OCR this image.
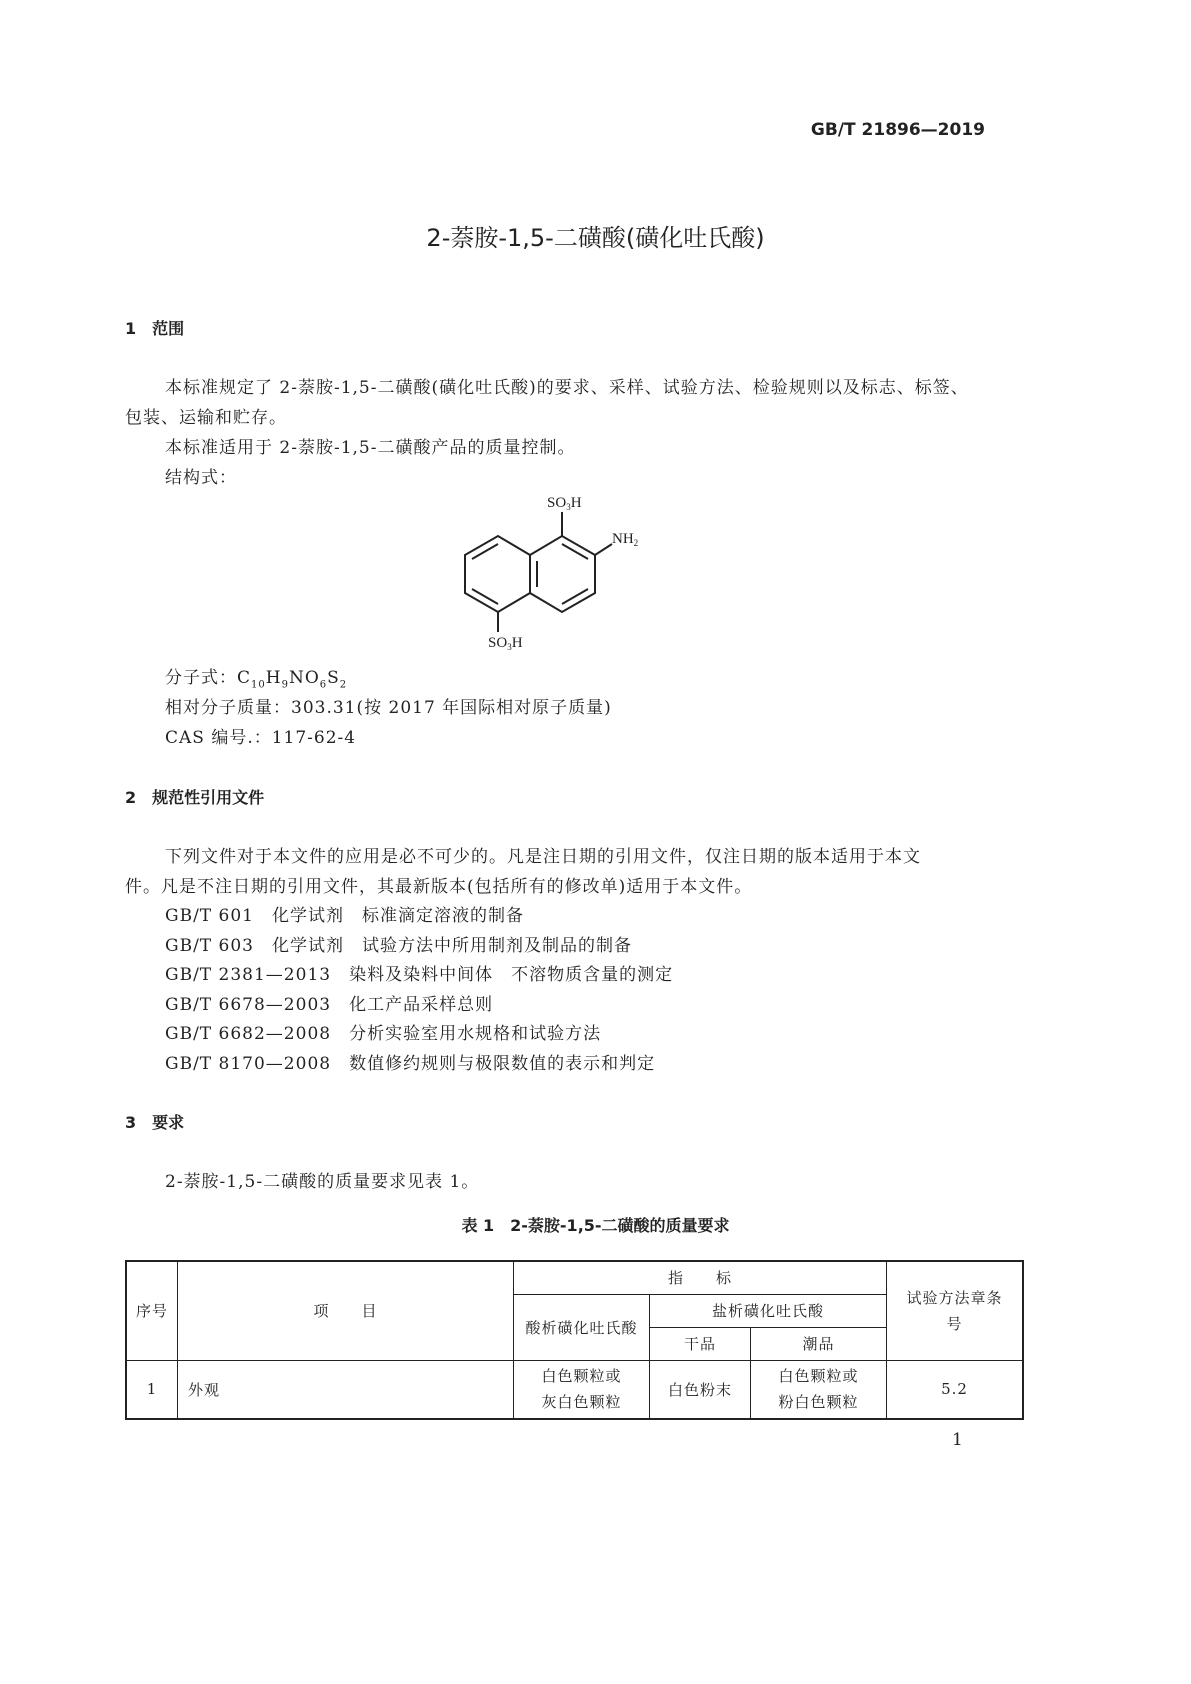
GB/T 21896—2019
2-萘胺-1,5-二磺酸(磺化吐氏酸)
1　范围
本标准规定了 2-萘胺-1,5-二磺酸(磺化吐氏酸)的要求、采样、试验方法、检验规则以及标志、标签、
包装、运输和贮存。
本标准适用于 2-萘胺-1,5-二磺酸产品的质量控制。
结构式：
$SO_3H$
$NH_2$
$SO_3H$
分子式：$C_{10}H_9NO_6S_2$
相对分子质量：303.31(按 2017 年国际相对原子质量)
CAS 编号.：117-62-4
2　规范性引用文件
下列文件对于本文件的应用是必不可少的。凡是注日期的引用文件，仅注日期的版本适用于本文
件。凡是不注日期的引用文件，其最新版本(包括所有的修改单)适用于本文件。
GB/T 601　化学试剂　标准滴定溶液的制备
GB/T 603　化学试剂　试验方法中所用制剂及制品的制备
GB/T 2381—2013　染料及染料中间体　不溶物质含量的测定
GB/T 6678—2003　化工产品采样总则
GB/T 6682—2008　分析实验室用水规格和试验方法
GB/T 8170—2008　数值修约规则与极限数值的表示和判定
3　要求
2-萘胺-1,5-二磺酸的质量要求见表 1。
表 1　2-萘胺-1,5-二磺酸的质量要求
序号	项　　目	指　　标			试验方法章条号
		酸析磺化吐氏酸	盐析磺化吐氏酸		
			干品	潮品	
1	外观	白色颗粒或灰白色颗粒	白色粉末	白色颗粒或粉白色颗粒	5.2
1
